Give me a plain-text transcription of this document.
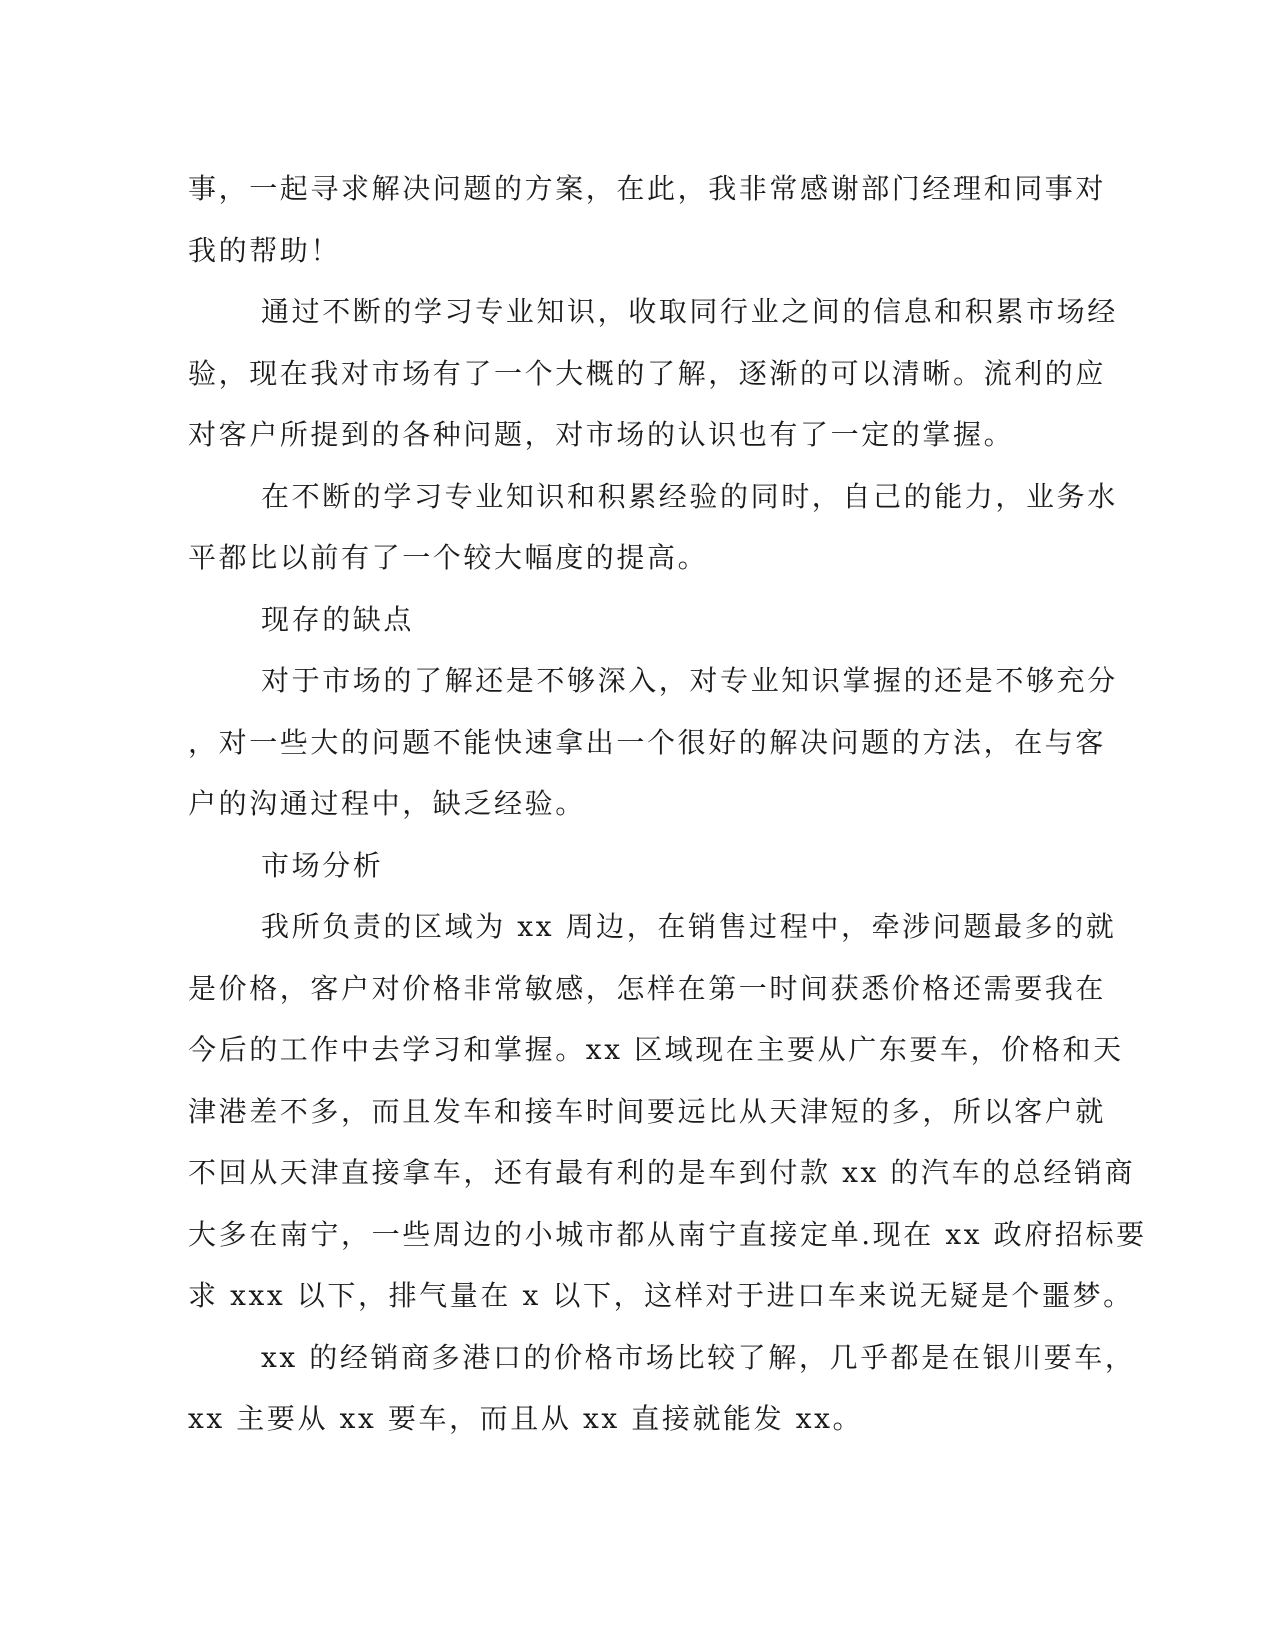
事，一起寻求解决问题的方案，在此，我非常感谢部门经理和同事对
我的帮助！
通过不断的学习专业知识，收取同行业之间的信息和积累市场经
验，现在我对市场有了一个大概的了解，逐渐的可以清晰。流利的应
对客户所提到的各种问题，对市场的认识也有了一定的掌握。
在不断的学习专业知识和积累经验的同时，自己的能力，业务水
平都比以前有了一个较大幅度的提高。
现存的缺点
对于市场的了解还是不够深入，对专业知识掌握的还是不够充分
，对一些大的问题不能快速拿出一个很好的解决问题的方法，在与客
户的沟通过程中，缺乏经验。
市场分析
我所负责的区域为 xx 周边，在销售过程中，牵涉问题最多的就
是价格，客户对价格非常敏感，怎样在第一时间获悉价格还需要我在
今后的工作中去学习和掌握。xx 区域现在主要从广东要车，价格和天
津港差不多，而且发车和接车时间要远比从天津短的多，所以客户就
不回从天津直接拿车，还有最有利的是车到付款 xx 的汽车的总经销商
大多在南宁，一些周边的小城市都从南宁直接定单.现在 xx 政府招标要
求 xxx 以下，排气量在 x 以下，这样对于进口车来说无疑是个噩梦。
xx 的经销商多港口的价格市场比较了解，几乎都是在银川要车，
xx 主要从 xx 要车，而且从 xx 直接就能发 xx。
